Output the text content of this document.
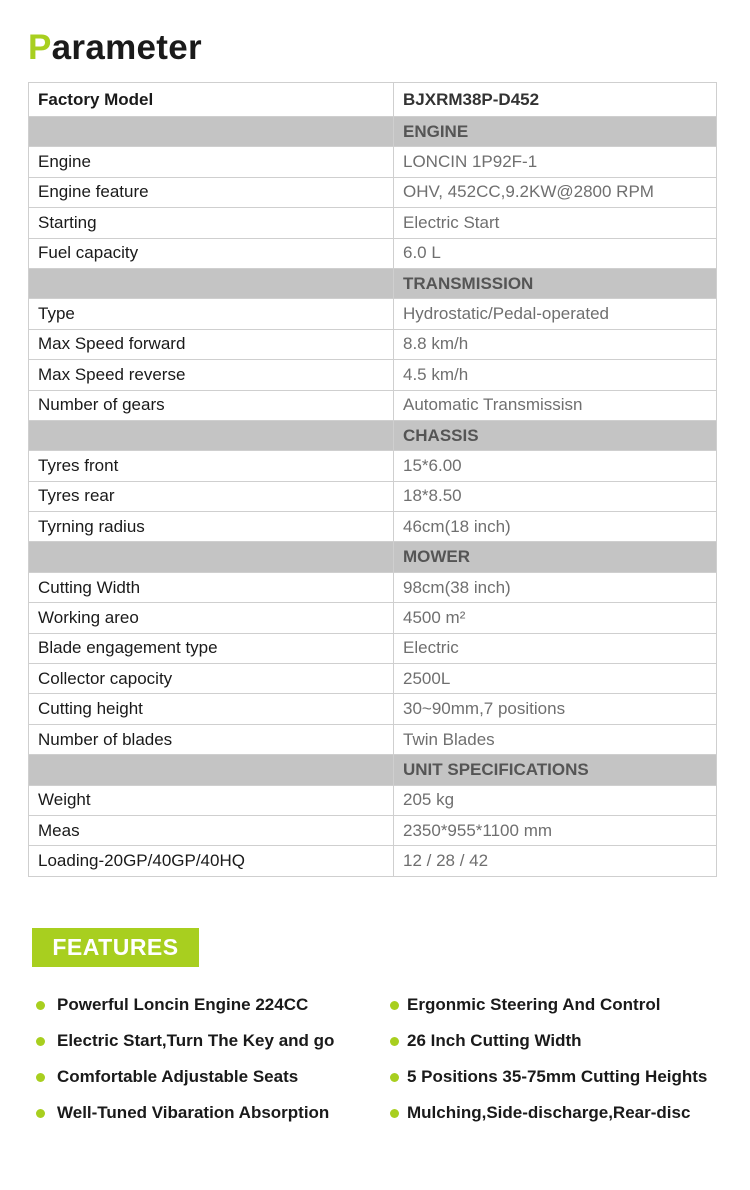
Parameter
Factory Model	BJXRM38P-D452
	ENGINE
Engine	LONCIN 1P92F-1
Engine feature	OHV, 452CC,9.2KW@2800 RPM
Starting	Electric Start
Fuel capacity	6.0 L
	TRANSMISSION
Type	Hydrostatic/Pedal-operated
Max Speed forward	8.8 km/h
Max Speed reverse	4.5 km/h
Number of gears	Automatic Transmissisn
	CHASSIS
Tyres front	15*6.00
Tyres rear	18*8.50
Tyrning radius	46cm(18 inch)
	MOWER
Cutting Width	98cm(38 inch)
Working areo	4500 m²
Blade engagement type	Electric
Collector capocity	2500L
Cutting height	30~90mm,7 positions
Number of blades	Twin Blades
	UNIT SPECIFICATIONS
Weight	205 kg
Meas	2350*955*1100 mm
Loading-20GP/40GP/40HQ	12 / 28 / 42
FEATURES
Powerful Loncin Engine 224CC
Electric Start,Turn The Key and go
Comfortable Adjustable Seats
Well-Tuned Vibaration Absorption
Ergonmic Steering And Control
26 Inch Cutting Width
5 Positions 35-75mm Cutting Heights
Mulching,Side-discharge,Rear-disc
